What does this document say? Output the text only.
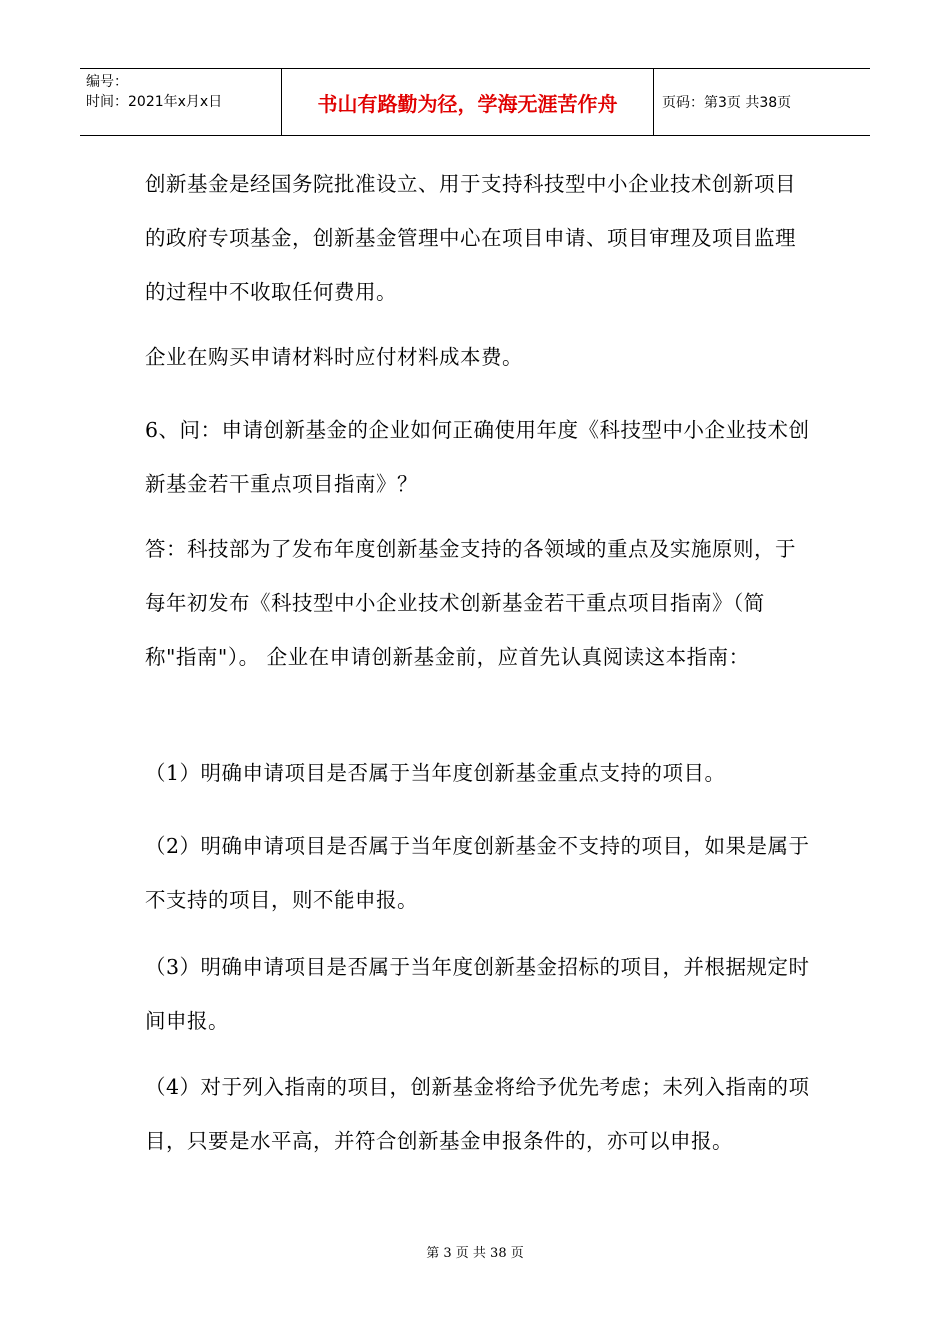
编号：
时间：2021年x月x日	书山有路勤为径，学海无涯苦作舟	页码：第3页 共38页

创新基金是经国务院批准设立、用于支持科技型中小企业技术创新项目的政府专项基金，创新基金管理中心在项目申请、项目审理及项目监理的过程中不收取任何费用。

企业在购买申请材料时应付材料成本费。

6、问：申请创新基金的企业如何正确使用年度《科技型中小企业技术创新基金若干重点项目指南》？

答：科技部为了发布年度创新基金支持的各领域的重点及实施原则，于每年初发布《科技型中小企业技术创新基金若干重点项目指南》（简称"指南"）。 企业在申请创新基金前，应首先认真阅读这本指南：

（1）明确申请项目是否属于当年度创新基金重点支持的项目。

（2）明确申请项目是否属于当年度创新基金不支持的项目，如果是属于不支持的项目，则不能申报。

（3）明确申请项目是否属于当年度创新基金招标的项目，并根据规定时间申报。

（4）对于列入指南的项目，创新基金将给予优先考虑；未列入指南的项目，只要是水平高，并符合创新基金申报条件的，亦可以申报。

第 3 页 共 38 页
